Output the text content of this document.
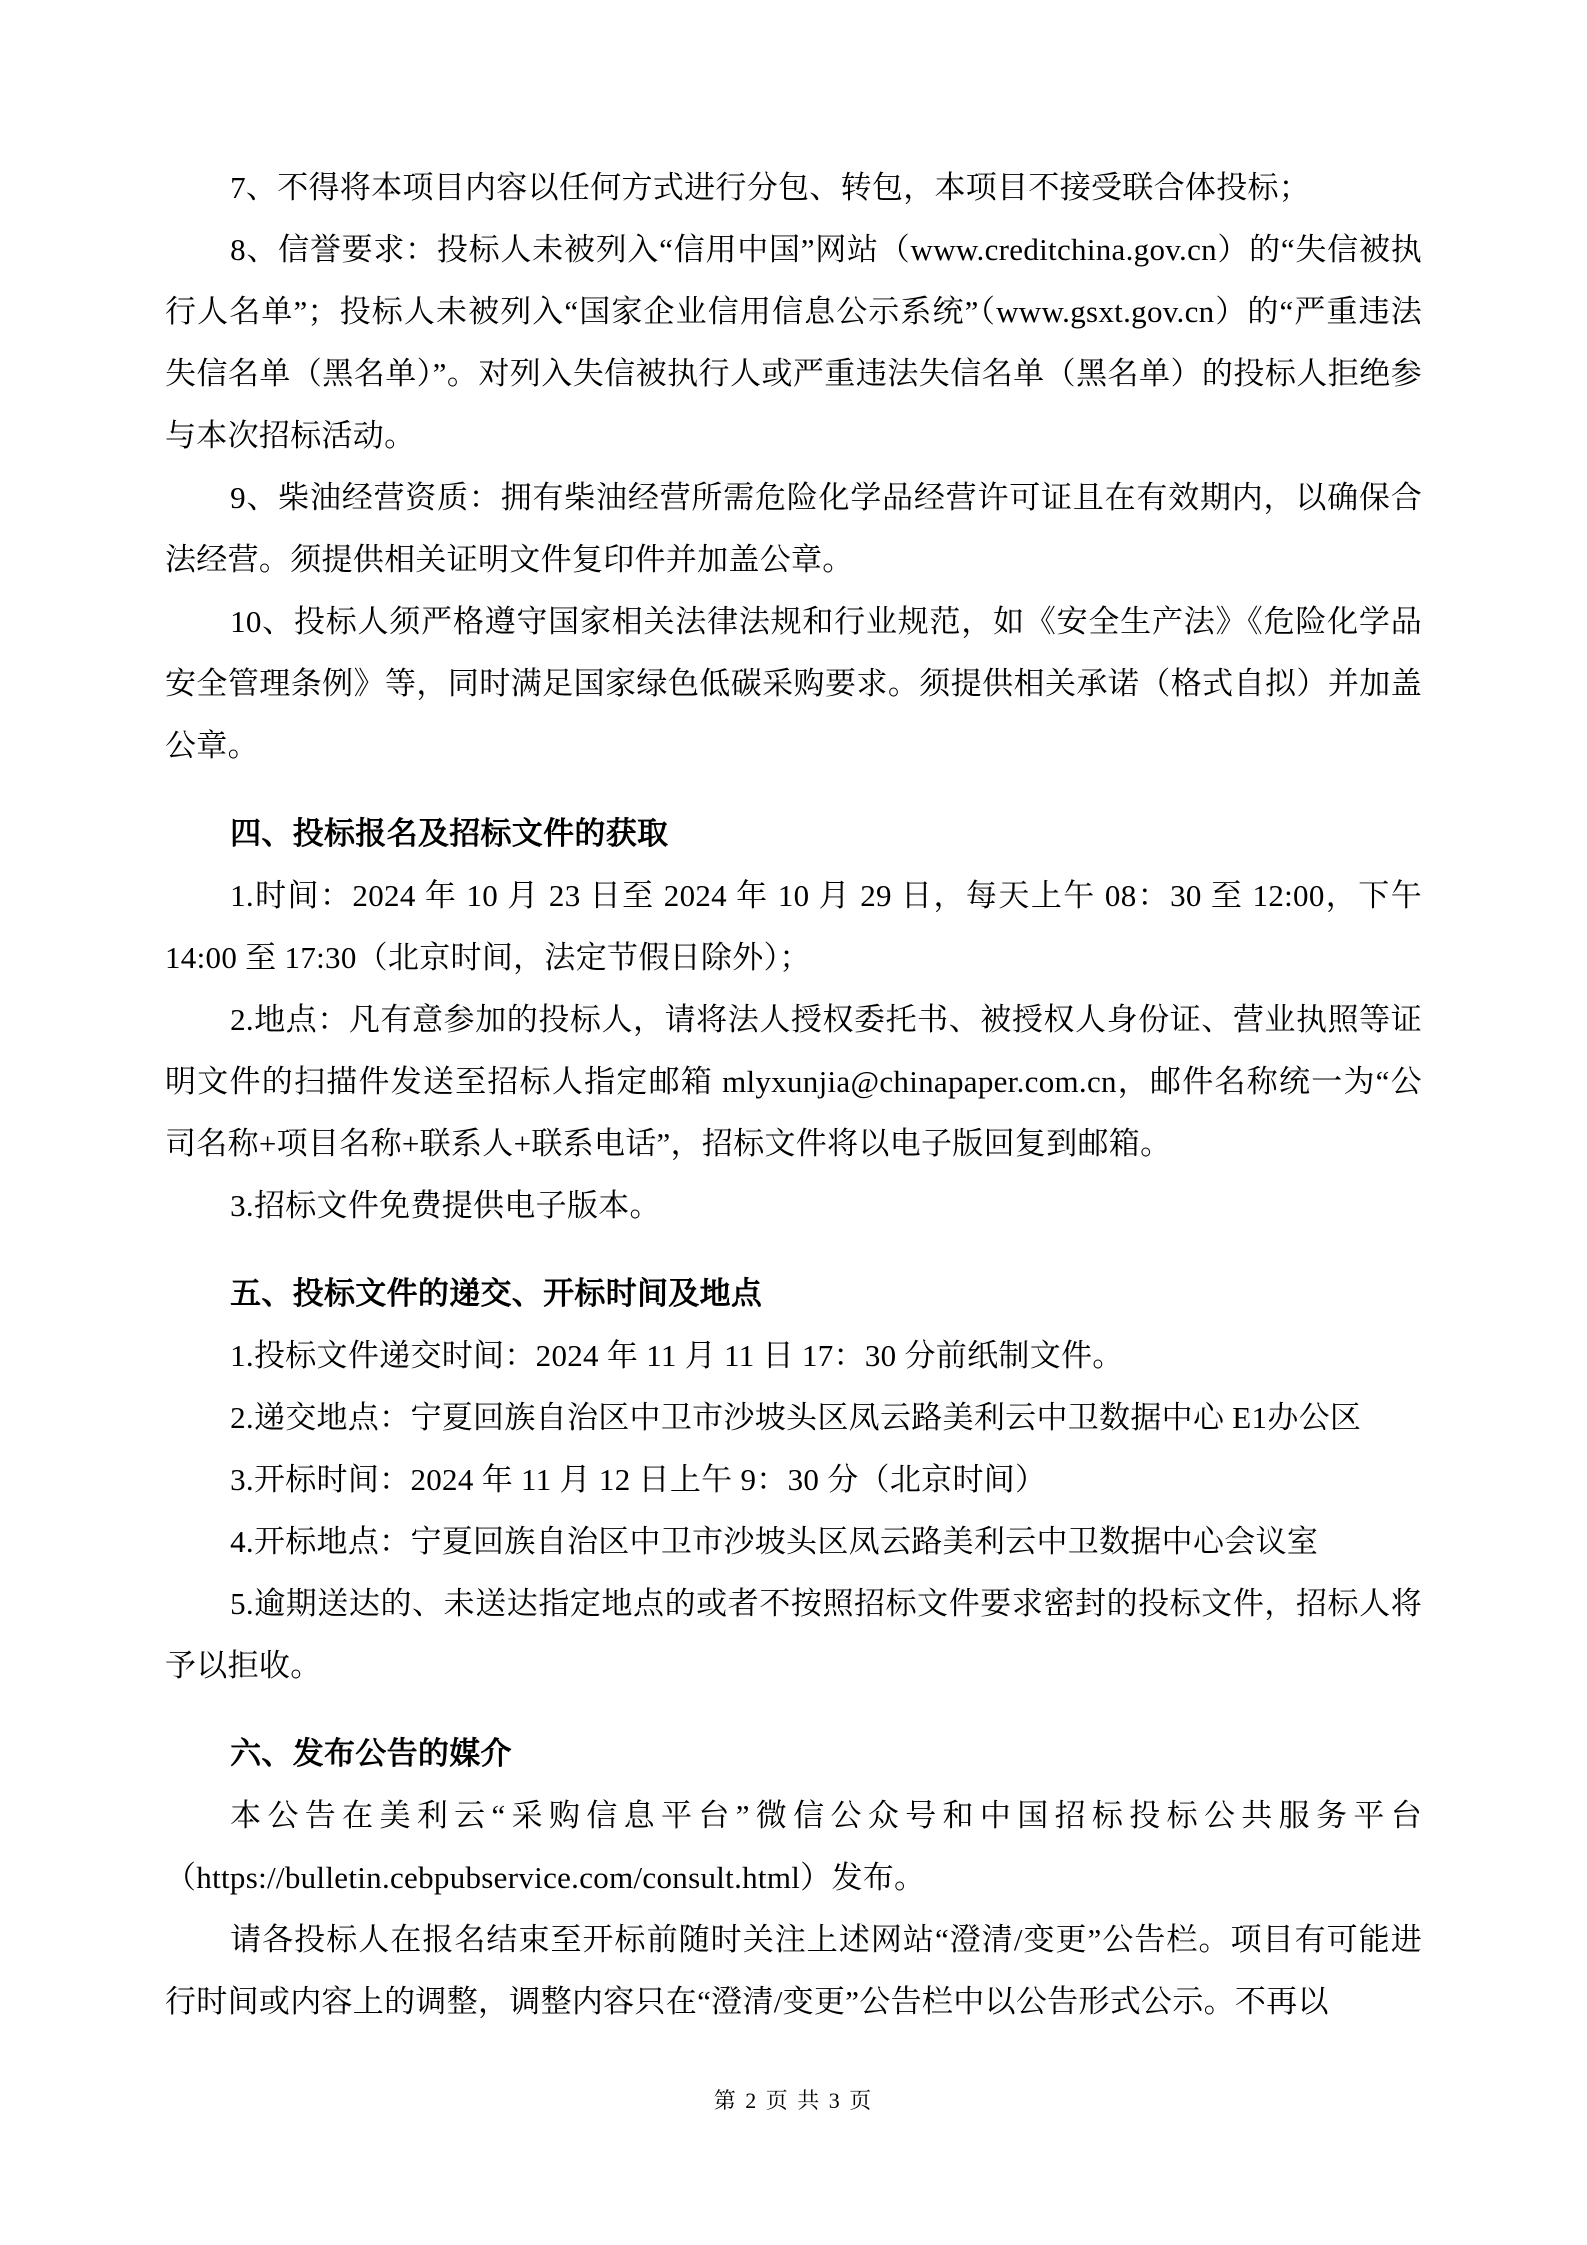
7、不得将本项目内容以任何方式进行分包、转包，本项目不接受联合体投标；

8、信誉要求：投标人未被列入“信用中国”网站（www.creditchina.gov.cn）的“失信被执行人名单”；投标人未被列入“国家企业信用信息公示系统”（www.gsxt.gov.cn）的“严重违法失信名单（黑名单）”。对列入失信被执行人或严重违法失信名单（黑名单）的投标人拒绝参与本次招标活动。

9、柴油经营资质：拥有柴油经营所需危险化学品经营许可证且在有效期内，以确保合法经营。须提供相关证明文件复印件并加盖公章。

10、投标人须严格遵守国家相关法律法规和行业规范，如《安全生产法》《危险化学品安全管理条例》等，同时满足国家绿色低碳采购要求。须提供相关承诺（格式自拟）并加盖公章。

四、投标报名及招标文件的获取

1.时间：2024 年 10 月 23 日至 2024 年 10 月 29 日，每天上午 08：30 至 12:00，下午 14:00 至 17:30（北京时间，法定节假日除外）；

2.地点：凡有意参加的投标人，请将法人授权委托书、被授权人身份证、营业执照等证明文件的扫描件发送至招标人指定邮箱 mlyxunjia@chinapaper.com.cn，邮件名称统一为“公司名称+项目名称+联系人+联系电话”，招标文件将以电子版回复到邮箱。

3.招标文件免费提供电子版本。

五、投标文件的递交、开标时间及地点

1.投标文件递交时间：2024 年 11 月 11 日 17：30 分前纸制文件。

2.递交地点：宁夏回族自治区中卫市沙坡头区凤云路美利云中卫数据中心 E1办公区

3.开标时间：2024 年 11 月 12 日上午 9：30 分（北京时间）

4.开标地点：宁夏回族自治区中卫市沙坡头区凤云路美利云中卫数据中心会议室

5.逾期送达的、未送达指定地点的或者不按照招标文件要求密封的投标文件，招标人将予以拒收。

六、发布公告的媒介

本公告在美利云“采购信息平台”微信公众号和中国招标投标公共服务平台（https://bulletin.cebpubservice.com/consult.html）发布。

请各投标人在报名结束至开标前随时关注上述网站“澄清/变更”公告栏。项目有可能进行时间或内容上的调整，调整内容只在“澄清/变更”公告栏中以公告形式公示。不再以

第 2 页 共 3 页
